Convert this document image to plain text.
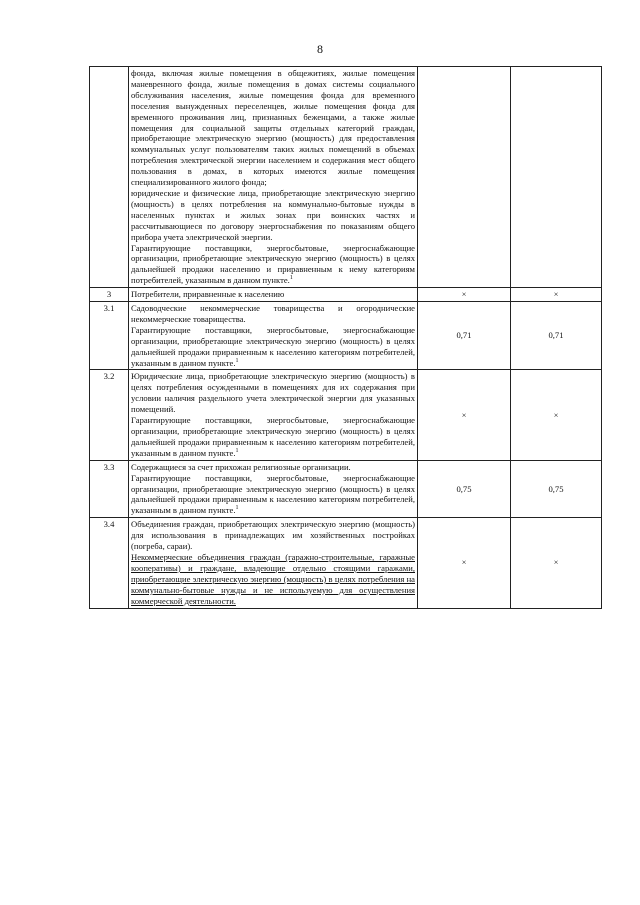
8

	фонда, включая жилые помещения в общежитиях, жилые помещения маневренного фонда, жилые помещения в домах системы социального обслуживания населения, жилые помещения фонда для временного поселения вынужденных переселенцев, жилые помещения фонда для временного проживания лиц, признанных беженцами, а также жилые помещения для социальной защиты отдельных категорий граждан, приобретающие электрическую энергию (мощность) для предоставления коммунальных услуг пользователям таких жилых помещений в объемах потребления электрической энергии населением и содержания мест общего пользования в домах, в которых имеются жилые помещения специализированного жилого фонда;

юридические и физические лица, приобретающие электрическую энергию (мощность) в целях потребления на коммунально-бытовые нужды в населенных пунктах и жилых зонах при воинских частях и рассчитывающиеся по договору энергоснабжения по показаниям общего прибора учета электрической энергии.

Гарантирующие поставщики, энергосбытовые, энергоснабжающие организации, приобретающие электрическую энергию (мощность) в целях дальнейшей продажи населению и приравненным к нему категориям потребителей, указанным в данном пункте.$^1$

3	Потребители, приравненные к населению	×	×
3.1	Садоводческие некоммерческие товарищества и огороднические некоммерческие товарищества.

Гарантирующие поставщики, энергосбытовые, энергоснабжающие организации, приобретающие электрическую энергию (мощность) в целях дальнейшей продажи приравненным к населению категориям потребителей, указанным в данном пункте.$^1$	0,71	0,71
3.2	Юридические лица, приобретающие электрическую энергию (мощность) в целях потребления осужденными в помещениях для их содержания при условии наличия раздельного учета электрической энергии для указанных помещений.

Гарантирующие поставщики, энергосбытовые, энергоснабжающие организации, приобретающие электрическую энергию (мощность) в целях дальнейшей продажи приравненным к населению категориям потребителей, указанным в данном пункте.$^1$	×	×
3.3	Содержащиеся за счет прихожан религиозные организации.

Гарантирующие поставщики, энергосбытовые, энергоснабжающие организации, приобретающие электрическую энергию (мощность) в целях дальнейшей продажи приравненным к населению категориям потребителей, указанным в данном пункте.$^1$	0,75	0,75
3.4	Объединения граждан, приобретающих электрическую энергию (мощность) для использования в принадлежащих им хозяйственных постройках (погреба, сараи).

Некоммерческие объединения граждан (гаражно-строительные, гаражные кооперативы) и граждане, владеющие отдельно стоящими гаражами, приобретающие электрическую энергию (мощность) в целях потребления на коммунально-бытовые нужды и не используемую для осуществления коммерческой деятельности.	×	×
